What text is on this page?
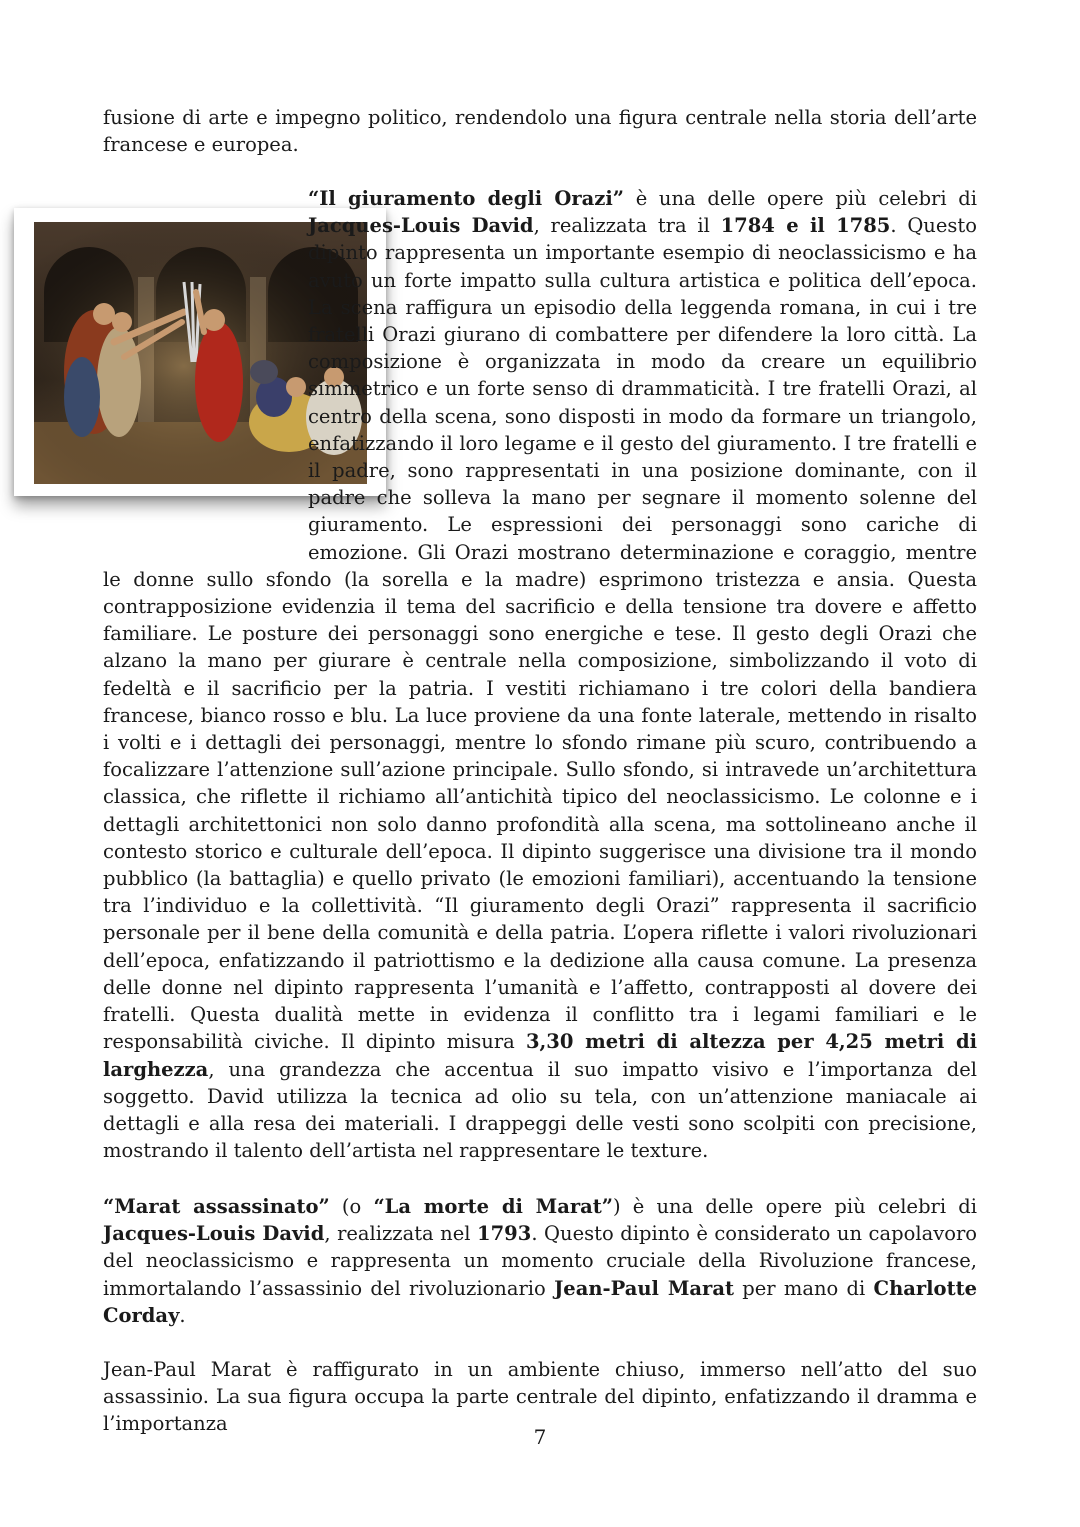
fusione di arte e impegno politico, rendendolo una figura centrale nella storia dell’arte francese e europea.

“Il giuramento degli Orazi” è una delle opere più celebri di Jacques-Louis David, realizzata tra il 1784 e il 1785. Questo dipinto rappresenta un importante esempio di neoclassicismo e ha avuto un forte impatto sulla cultura artistica e politica dell’epoca. La scena raffigura un episodio della leggenda romana, in cui i tre fratelli Orazi giurano di combattere per difendere la loro città. La composizione è organizzata in modo da creare un equilibrio simmetrico e un forte senso di drammaticità. I tre fratelli Orazi, al centro della scena, sono disposti in modo da formare un triangolo, enfatizzando il loro legame e il gesto del giuramento. I tre fratelli e il padre, sono rappresentati in una posizione dominante, con il padre che solleva la mano per segnare il momento solenne del giuramento. Le espressioni dei personaggi sono cariche di emozione. Gli Orazi mostrano determinazione e coraggio, mentre le donne sullo sfondo (la sorella e la madre) esprimono tristezza e ansia. Questa contrapposizione evidenzia il tema del sacrificio e della tensione tra dovere e affetto familiare. Le posture dei personaggi sono energiche e tese. Il gesto degli Orazi che alzano la mano per giurare è centrale nella composizione, simbolizzando il voto di fedeltà e il sacrificio per la patria. I vestiti richiamano i tre colori della bandiera francese, bianco rosso e blu. La luce proviene da una fonte laterale, mettendo in risalto i volti e i dettagli dei personaggi, mentre lo sfondo rimane più scuro, contribuendo a focalizzare l’attenzione sull’azione principale. Sullo sfondo, si intravede un’architettura classica, che riflette il richiamo all’antichità tipico del neoclassicismo. Le colonne e i dettagli architettonici non solo danno profondità alla scena, ma sottolineano anche il contesto storico e culturale dell’epoca. Il dipinto suggerisce una divisione tra il mondo pubblico (la battaglia) e quello privato (le emozioni familiari), accentuando la tensione tra l’individuo e la collettività. “Il giuramento degli Orazi” rappresenta il sacrificio personale per il bene della comunità e della patria. L’opera riflette i valori rivoluzionari dell’epoca, enfatizzando il patriottismo e la dedizione alla causa comune. La presenza delle donne nel dipinto rappresenta l’umanità e l’affetto, contrapposti al dovere dei fratelli. Questa dualità mette in evidenza il conflitto tra i legami familiari e le responsabilità civiche. Il dipinto misura 3,30 metri di altezza per 4,25 metri di larghezza, una grandezza che accentua il suo impatto visivo e l’importanza del soggetto. David utilizza la tecnica ad olio su tela, con un’attenzione maniacale ai dettagli e alla resa dei materiali. I drappeggi delle vesti sono scolpiti con precisione, mostrando il talento dell’artista nel rappresentare le texture.

“Marat assassinato” (o “La morte di Marat”) è una delle opere più celebri di Jacques-Louis David, realizzata nel 1793. Questo dipinto è considerato un capolavoro del neoclassicismo e rappresenta un momento cruciale della Rivoluzione francese, immortalando l’assassinio del rivoluzionario Jean-Paul Marat per mano di Charlotte Corday.

Jean-Paul Marat è raffigurato in un ambiente chiuso, immerso nell’atto del suo assassinio. La sua figura occupa la parte centrale del dipinto, enfatizzando il dramma e l’importanza

7
